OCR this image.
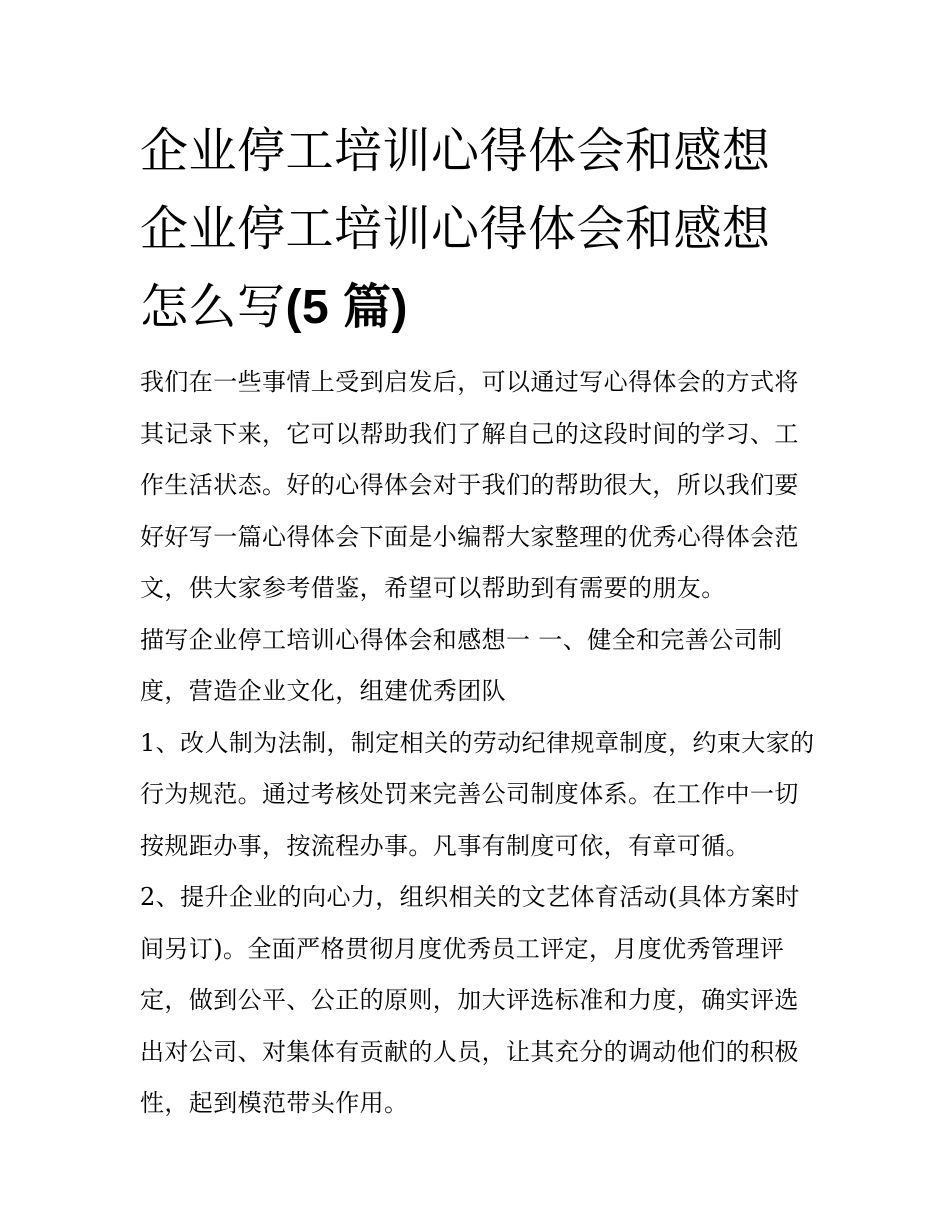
企业停工培训心得体会和感想
企业停工培训心得体会和感想
怎么写(5 篇)

我们在一些事情上受到启发后，可以通过写心得体会的方式将其记录下来，它可以帮助我们了解自己的这段时间的学习、工作生活状态。好的心得体会对于我们的帮助很大，所以我们要好好写一篇心得体会下面是小编帮大家整理的优秀心得体会范文，供大家参考借鉴，希望可以帮助到有需要的朋友。

描写企业停工培训心得体会和感想一 一、健全和完善公司制度，营造企业文化，组建优秀团队

1、改人制为法制，制定相关的劳动纪律规章制度，约束大家的行为规范。通过考核处罚来完善公司制度体系。在工作中一切按规距办事，按流程办事。凡事有制度可依，有章可循。

2、提升企业的向心力，组织相关的文艺体育活动(具体方案时间另订)。全面严格贯彻月度优秀员工评定，月度优秀管理评定，做到公平、公正的原则，加大评选标准和力度，确实评选出对公司、对集体有贡献的人员，让其充分的调动他们的积极性，起到模范带头作用。
